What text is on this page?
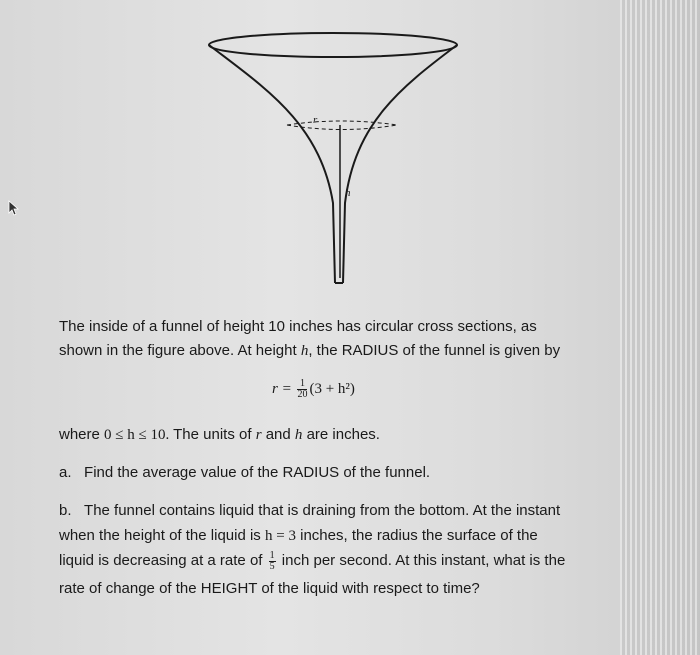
r
h
The inside of a funnel of height 10 inches has circular cross sections, as
shown in the figure above. At height h, the RADIUS of the funnel is given by
$r = \frac{1}{20} (3 + h^2)$
where 0 ≤ h ≤ 10. The units of r and h are inches.
a. Find the average value of the RADIUS of the funnel.
b. The funnel contains liquid that is draining from the bottom. At the instant
when the height of the liquid is h = 3 inches, the radius the surface of the
liquid is decreasing at a rate of $\frac{1}{5}$ inch per second. At this instant, what is the
rate of change of the HEIGHT of the liquid with respect to time?
